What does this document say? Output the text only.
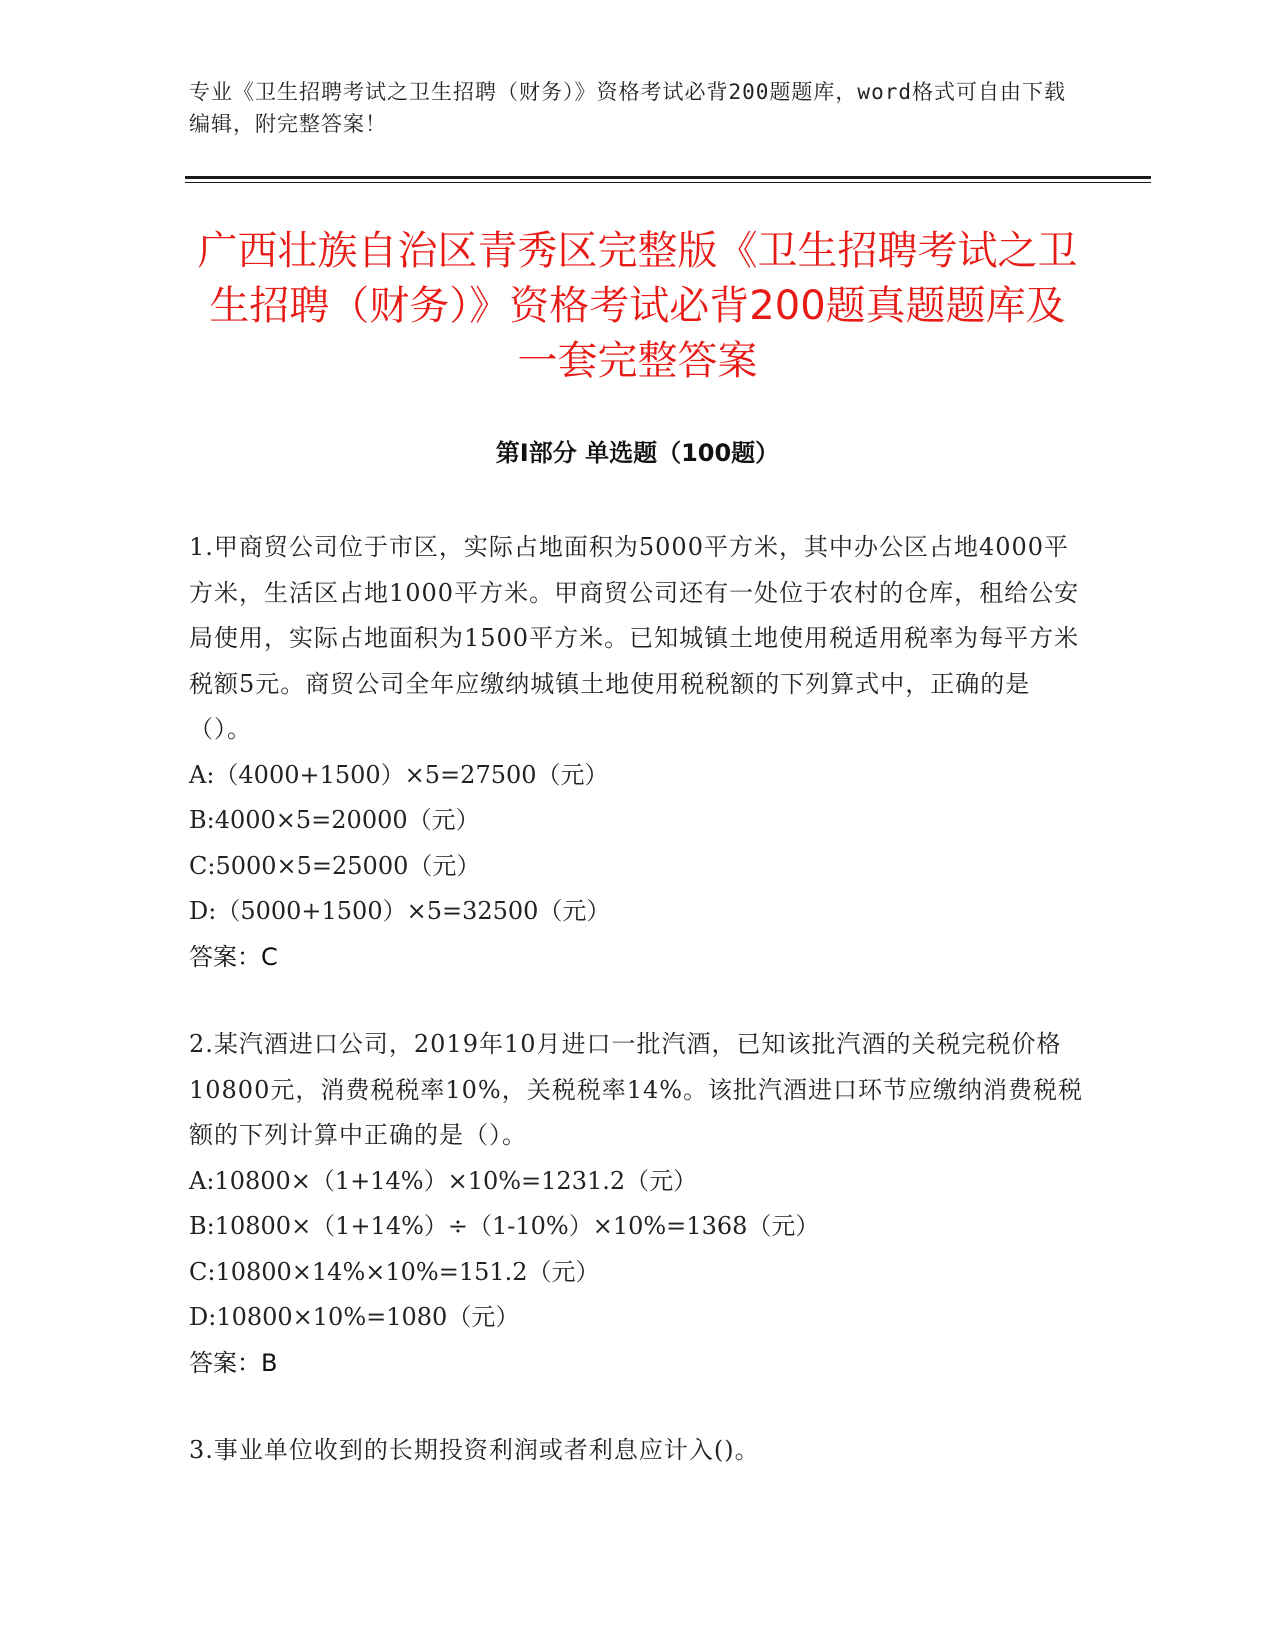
专业《卫生招聘考试之卫生招聘（财务）》资格考试必背200题题库，word格式可自由下载编辑，附完整答案！
广西壮族自治区青秀区完整版《卫生招聘考试之卫生招聘（财务）》资格考试必背200题真题题库及一套完整答案
第Ⅰ部分 单选题（100题）

1.甲商贸公司位于市区，实际占地面积为5000平方米，其中办公区占地4000平方米，生活区占地1000平方米。甲商贸公司还有一处位于农村的仓库，租给公安局使用，实际占地面积为1500平方米。已知城镇土地使用税适用税率为每平方米税额5元。商贸公司全年应缴纳城镇土地使用税税额的下列算式中，正确的是（）。

A:（4000+1500）×5=27500（元）

B:4000×5=20000（元）

C:5000×5=25000（元）

D:（5000+1500）×5=32500（元）

答案：C

2.某汽酒进口公司，2019年10月进口一批汽酒，已知该批汽酒的关税完税价格10800元，消费税税率10%，关税税率14%。该批汽酒进口环节应缴纳消费税税额的下列计算中正确的是（）。

A:10800×（1+14%）×10%=1231.2（元）

B:10800×（1+14%）÷（1-10%）×10%=1368（元）

C:10800×14%×10%=151.2（元）

D:10800×10%=1080（元）

答案：B

3.事业单位收到的长期投资利润或者利息应计入()。
